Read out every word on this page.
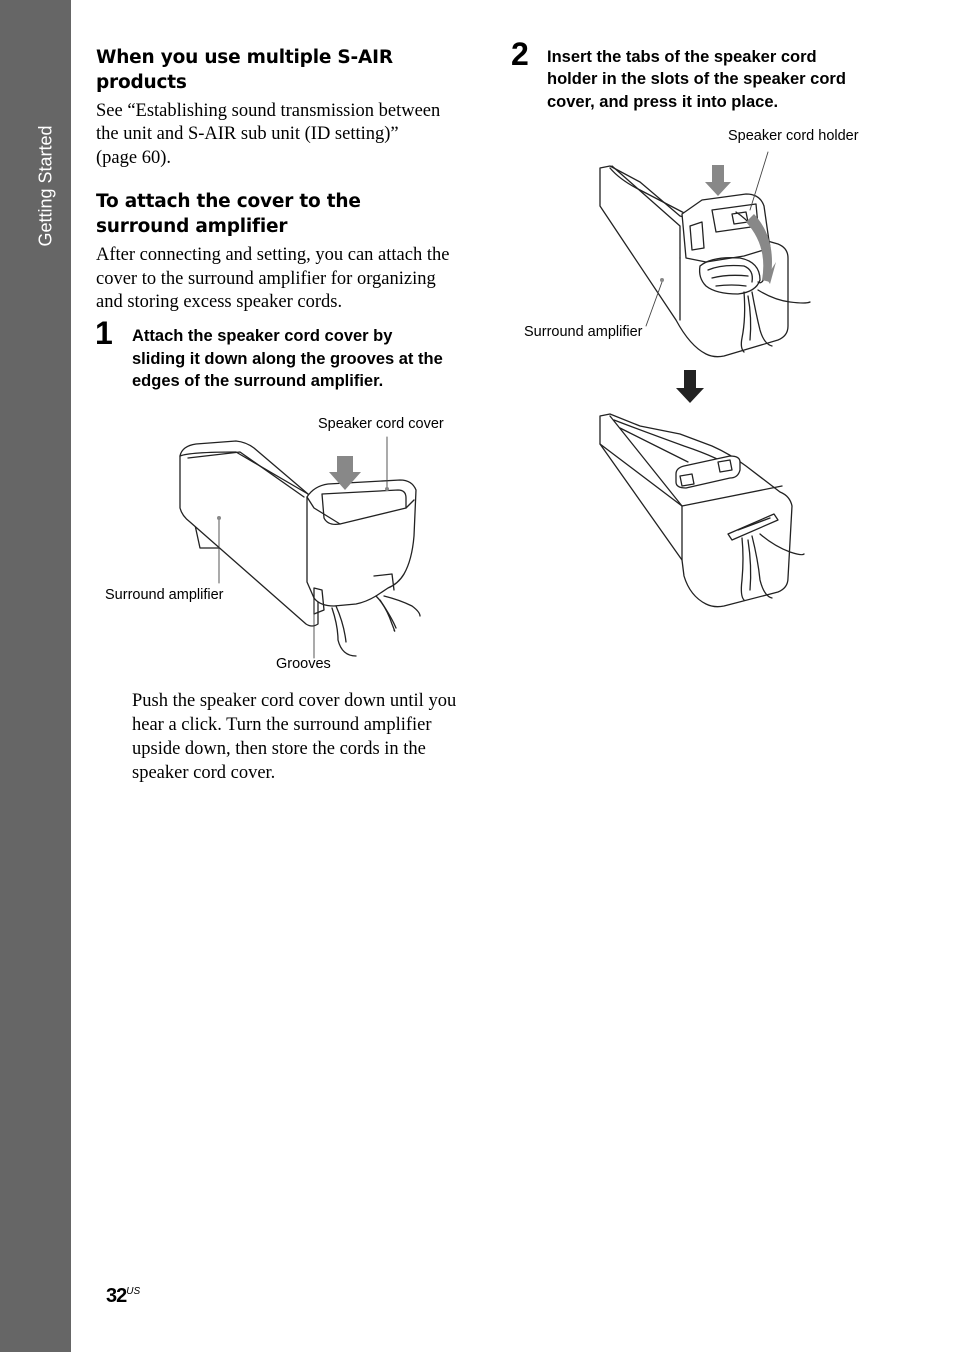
Getting Started

When you use multiple S-AIR

products

See “Establishing sound transmission between

the unit and S-AIR sub unit (ID setting)”

(page 60).

To attach the cover to the

surround amplifier

After connecting and setting, you can attach the

cover to the surround amplifier for organizing

and storing excess speaker cords.

1 Attach the speaker cord cover by

sliding it down along the grooves at the

edges of the surround amplifier.

Speaker cord cover

Surround amplifier

Grooves

Push the speaker cord cover down until you

hear a click. Turn the surround amplifier

upside down, then store the cords in the

speaker cord cover.

2 Insert the tabs of the speaker cord

holder in the slots of the speaker cord

cover, and press it into place.

Speaker cord holder

Surround amplifier

$32^{US}$
